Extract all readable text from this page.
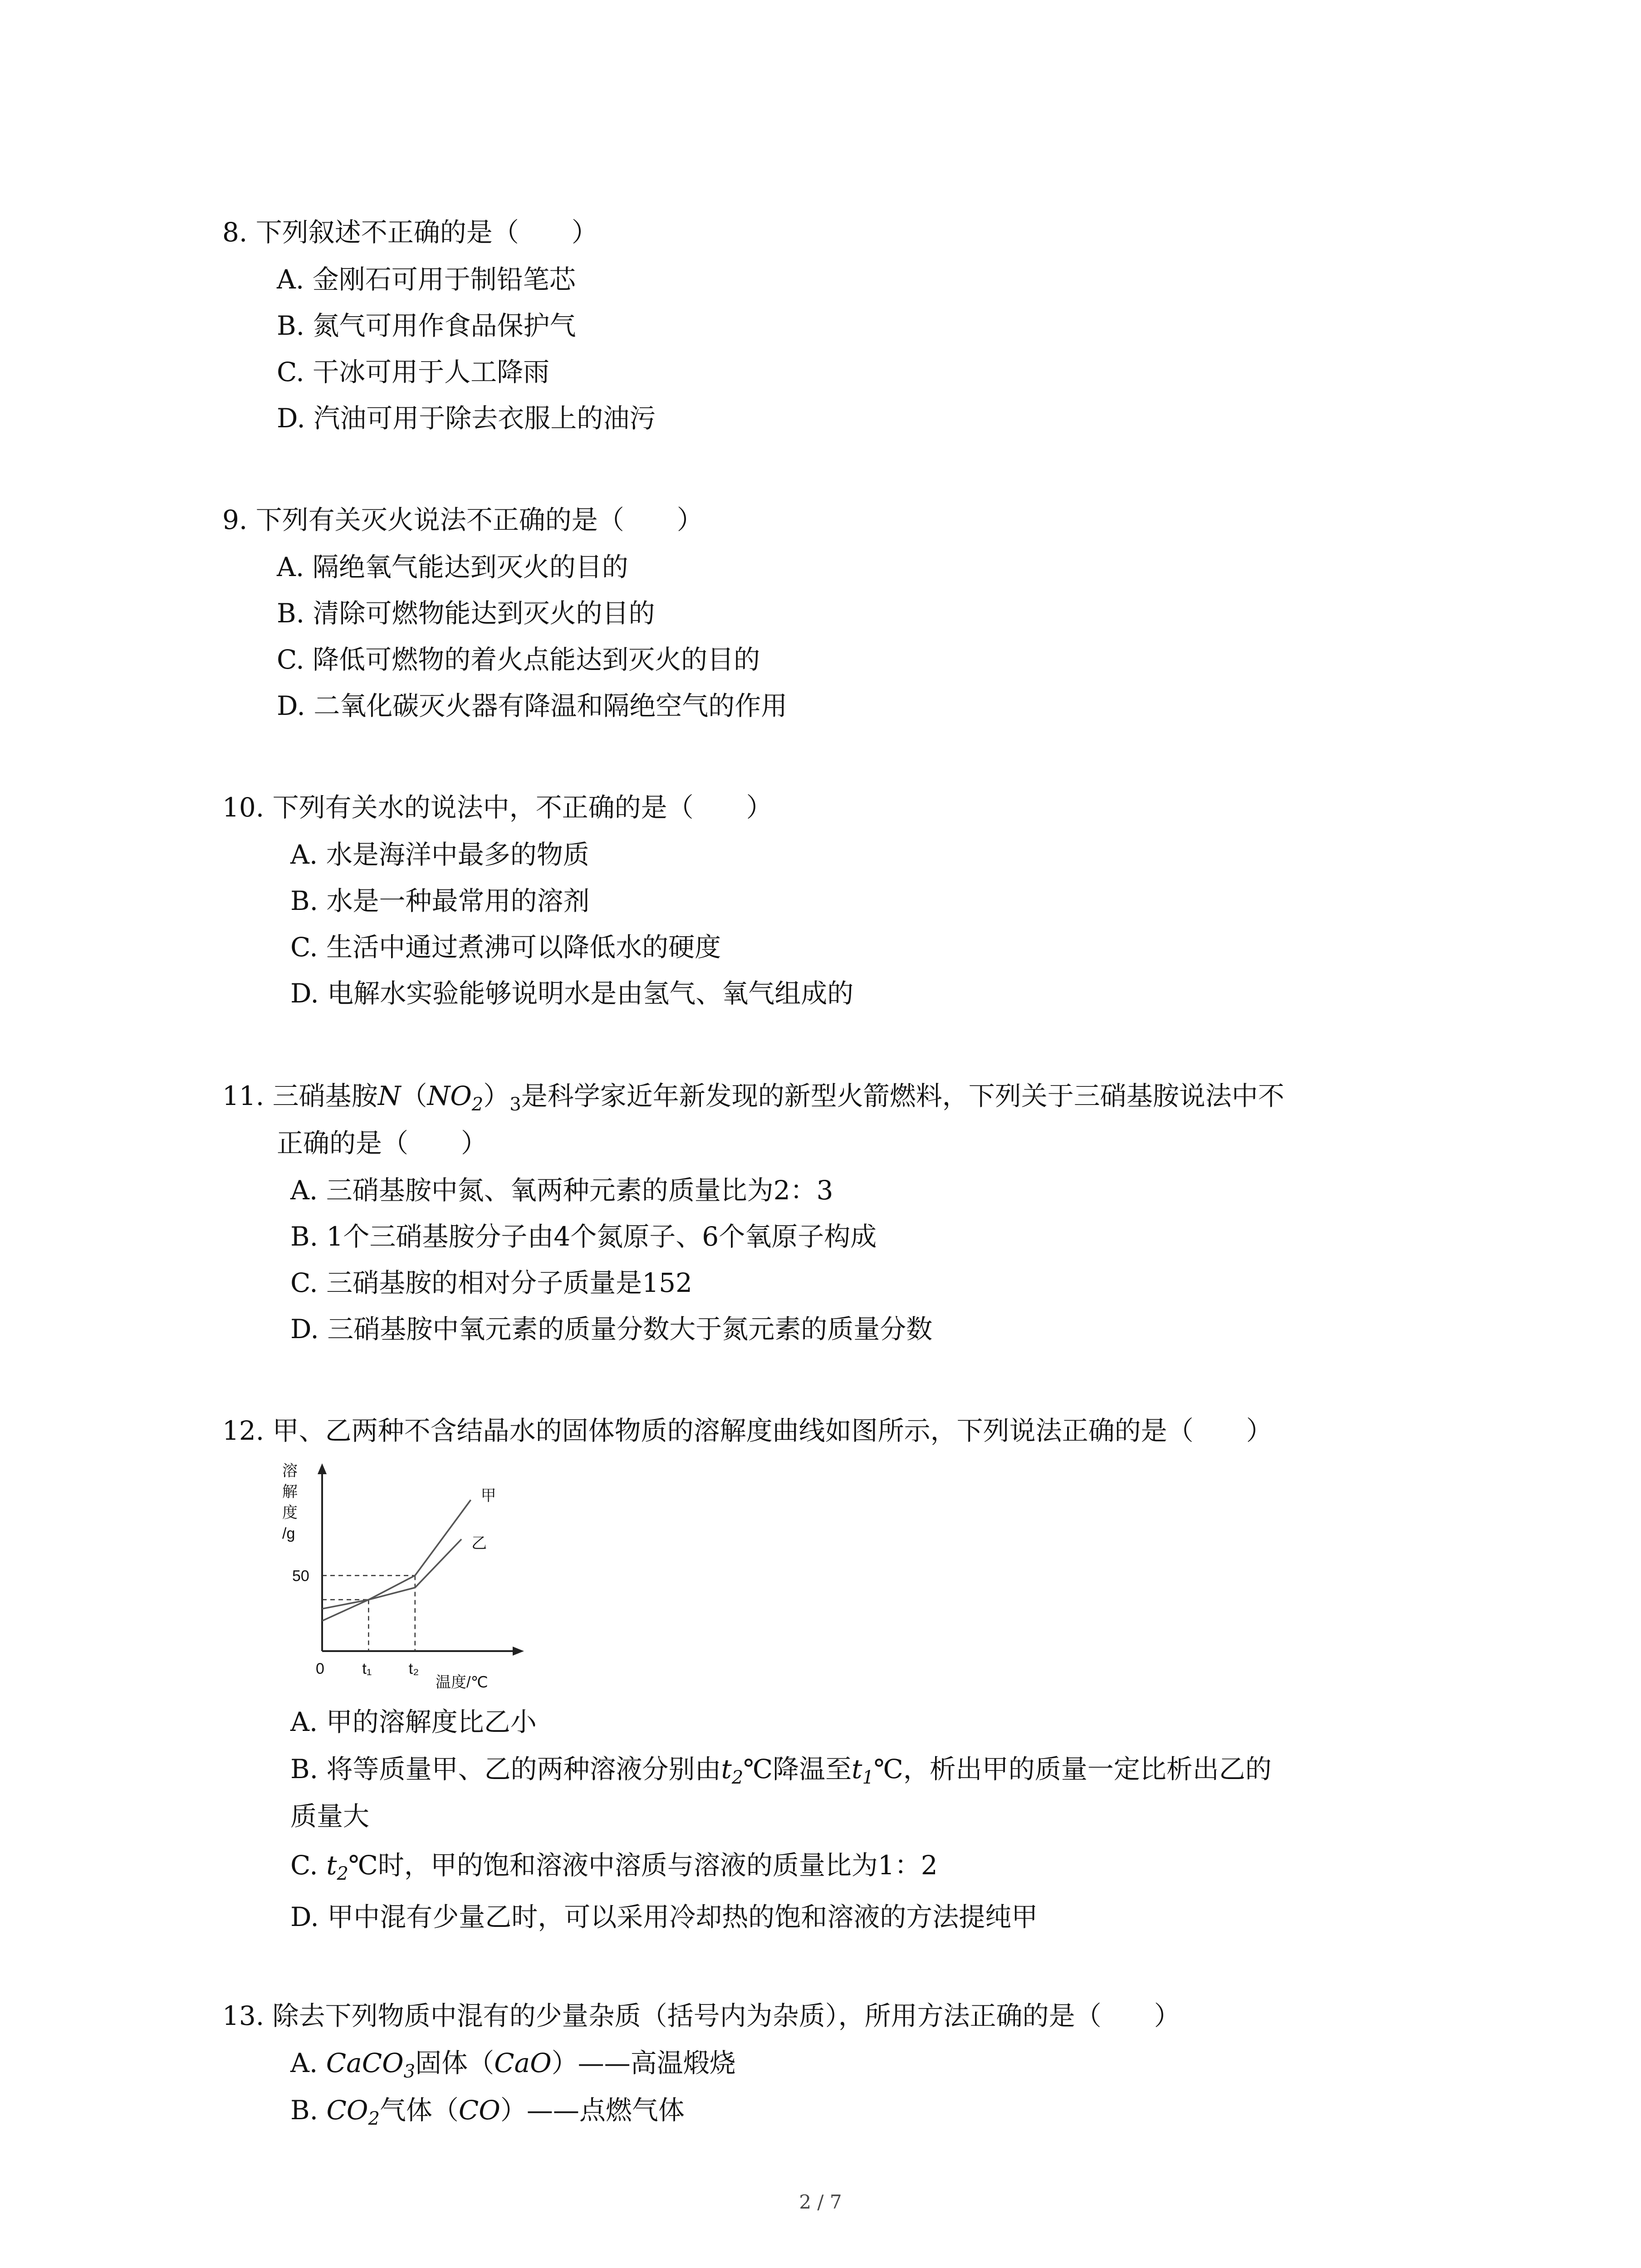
8. 下列叙述不正确的是（　　）
A. 金刚石可用于制铅笔芯
B. 氮气可用作食品保护气
C. 干冰可用于人工降雨
D. 汽油可用于除去衣服上的油污
9. 下列有关灭火说法不正确的是（　　）
A. 隔绝氧气能达到灭火的目的
B. 清除可燃物能达到灭火的目的
C. 降低可燃物的着火点能达到灭火的目的
D. 二氧化碳灭火器有降温和隔绝空气的作用
10. 下列有关水的说法中，不正确的是（　　）
A. 水是海洋中最多的物质
B. 水是一种最常用的溶剂
C. 生活中通过煮沸可以降低水的硬度
D. 电解水实验能够说明水是由氢气、氧气组成的
11. 三硝基胺$N(NO_2)_3$是科学家近年新发现的新型火箭燃料，下列关于三硝基胺说法中不
正确的是（　　）
A. 三硝基胺中氮、氧两种元素的质量比为2：3
B. 1个三硝基胺分子由4个氮原子、6个氧原子构成
C. 三硝基胺的相对分子质量是152
D. 三硝基胺中氧元素的质量分数大于氮元素的质量分数
12. 甲、乙两种不含结晶水的固体物质的溶解度曲线如图所示，下列说法正确的是（　　）
溶
解
度
/g
0 t₁ t₂
50
甲
乙
温度/℃
A. 甲的溶解度比乙小
B. 将等质量甲、乙的两种溶液分别由$t_2℃$降温至$t_1℃$，析出甲的质量一定比析出乙的
质量大
C. $t_2℃$时，甲的饱和溶液中溶质与溶液的质量比为1：2
D. 甲中混有少量乙时，可以采用冷却热的饱和溶液的方法提纯甲
13. 除去下列物质中混有的少量杂质（括号内为杂质），所用方法正确的是（　　）
A. CaCO$_3$固体（CaO）——高温煅烧
B. $CO_2$气体（CO）——点燃气体
2 / 7
